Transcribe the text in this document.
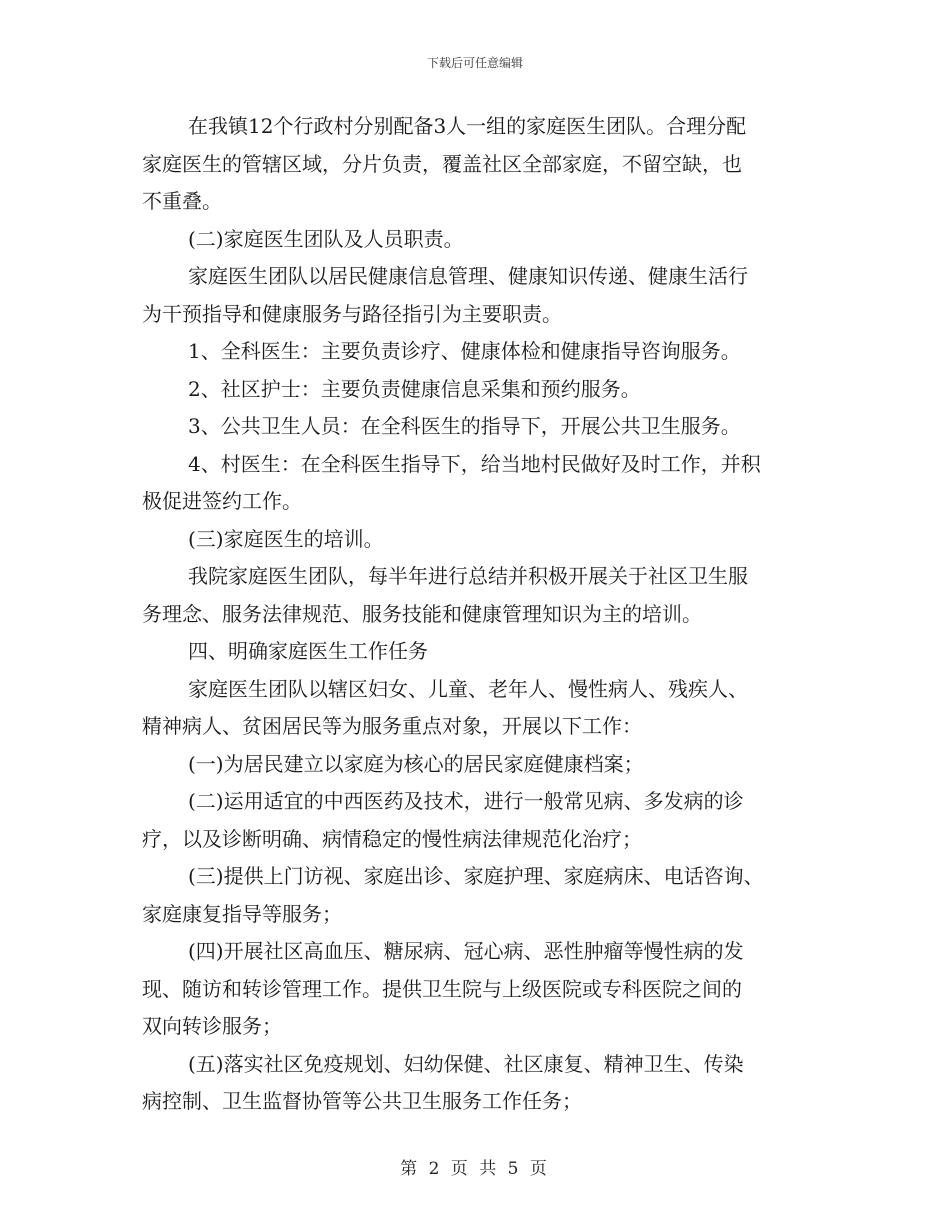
下载后可任意编辑

在我镇12个行政村分别配备3人一组的家庭医生团队。合理分配

家庭医生的管辖区域，分片负责，覆盖社区全部家庭，不留空缺，也

不重叠。

(二)家庭医生团队及人员职责。

家庭医生团队以居民健康信息管理、健康知识传递、健康生活行

为干预指导和健康服务与路径指引为主要职责。

1、全科医生：主要负责诊疗、健康体检和健康指导咨询服务。

2、社区护士：主要负责健康信息采集和预约服务。

3、公共卫生人员：在全科医生的指导下，开展公共卫生服务。

4、村医生：在全科医生指导下，给当地村民做好及时工作，并积

极促进签约工作。

(三)家庭医生的培训。

我院家庭医生团队，每半年进行总结并积极开展关于社区卫生服

务理念、服务法律规范、服务技能和健康管理知识为主的培训。

四、明确家庭医生工作任务

家庭医生团队以辖区妇女、儿童、老年人、慢性病人、残疾人、

精神病人、贫困居民等为服务重点对象，开展以下工作：

(一)为居民建立以家庭为核心的居民家庭健康档案；

(二)运用适宜的中西医药及技术，进行一般常见病、多发病的诊

疗，以及诊断明确、病情稳定的慢性病法律规范化治疗；

(三)提供上门访视、家庭出诊、家庭护理、家庭病床、电话咨询、

家庭康复指导等服务；

(四)开展社区高血压、糖尿病、冠心病、恶性肿瘤等慢性病的发

现、随访和转诊管理工作。提供卫生院与上级医院或专科医院之间的

双向转诊服务；

(五)落实社区免疫规划、妇幼保健、社区康复、精神卫生、传染

病控制、卫生监督协管等公共卫生服务工作任务；

第 2 页 共 5 页
